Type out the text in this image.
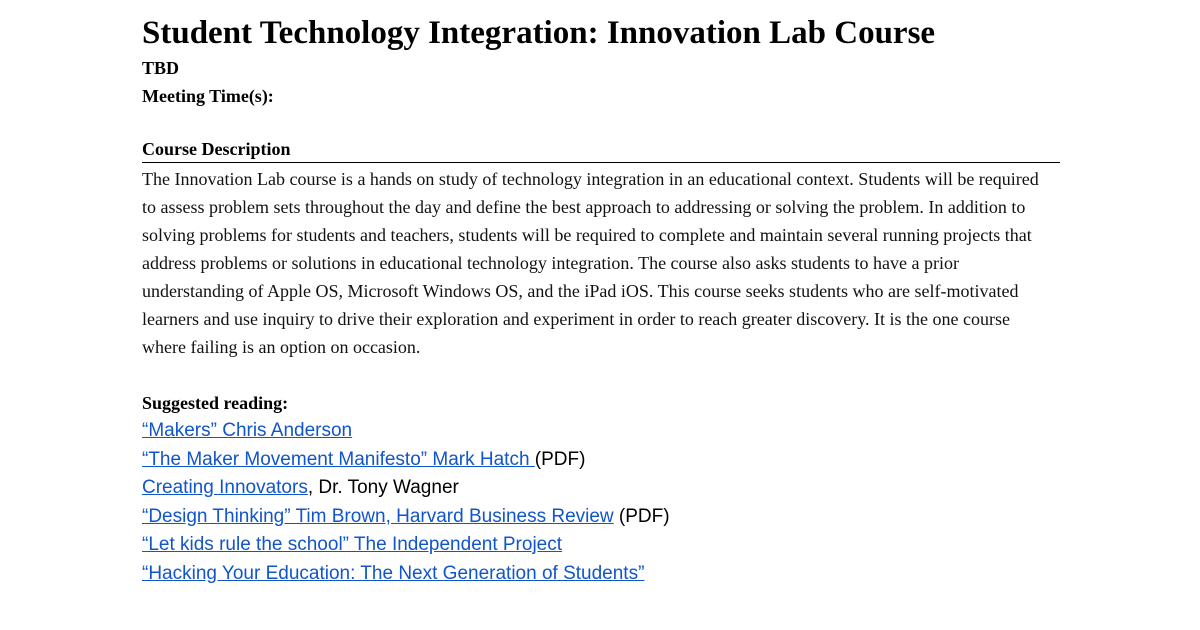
Student Technology Integration: Innovation Lab Course

TBD

Meeting Time(s):

Course Description

The Innovation Lab course is a hands on study of technology integration in an educational context. Students will be required to assess problem sets throughout the day and define the best approach to addressing or solving the problem. In addition to solving problems for students and teachers, students will be required to complete and maintain several running projects that address problems or solutions in educational technology integration. The course also asks students to have a prior understanding of Apple OS, Microsoft Windows OS, and the iPad iOS. This course seeks students who are self-motivated learners and use inquiry to drive their exploration and experiment in order to reach greater discovery. It is the one course where failing is an option on occasion.

Suggested reading:
“Makers” Chris Anderson
“The Maker Movement Manifesto” Mark Hatch (PDF)
Creating Innovators, Dr. Tony Wagner
“Design Thinking” Tim Brown, Harvard Business Review (PDF)
“Let kids rule the school” The Independent Project
“Hacking Your Education: The Next Generation of Students”
